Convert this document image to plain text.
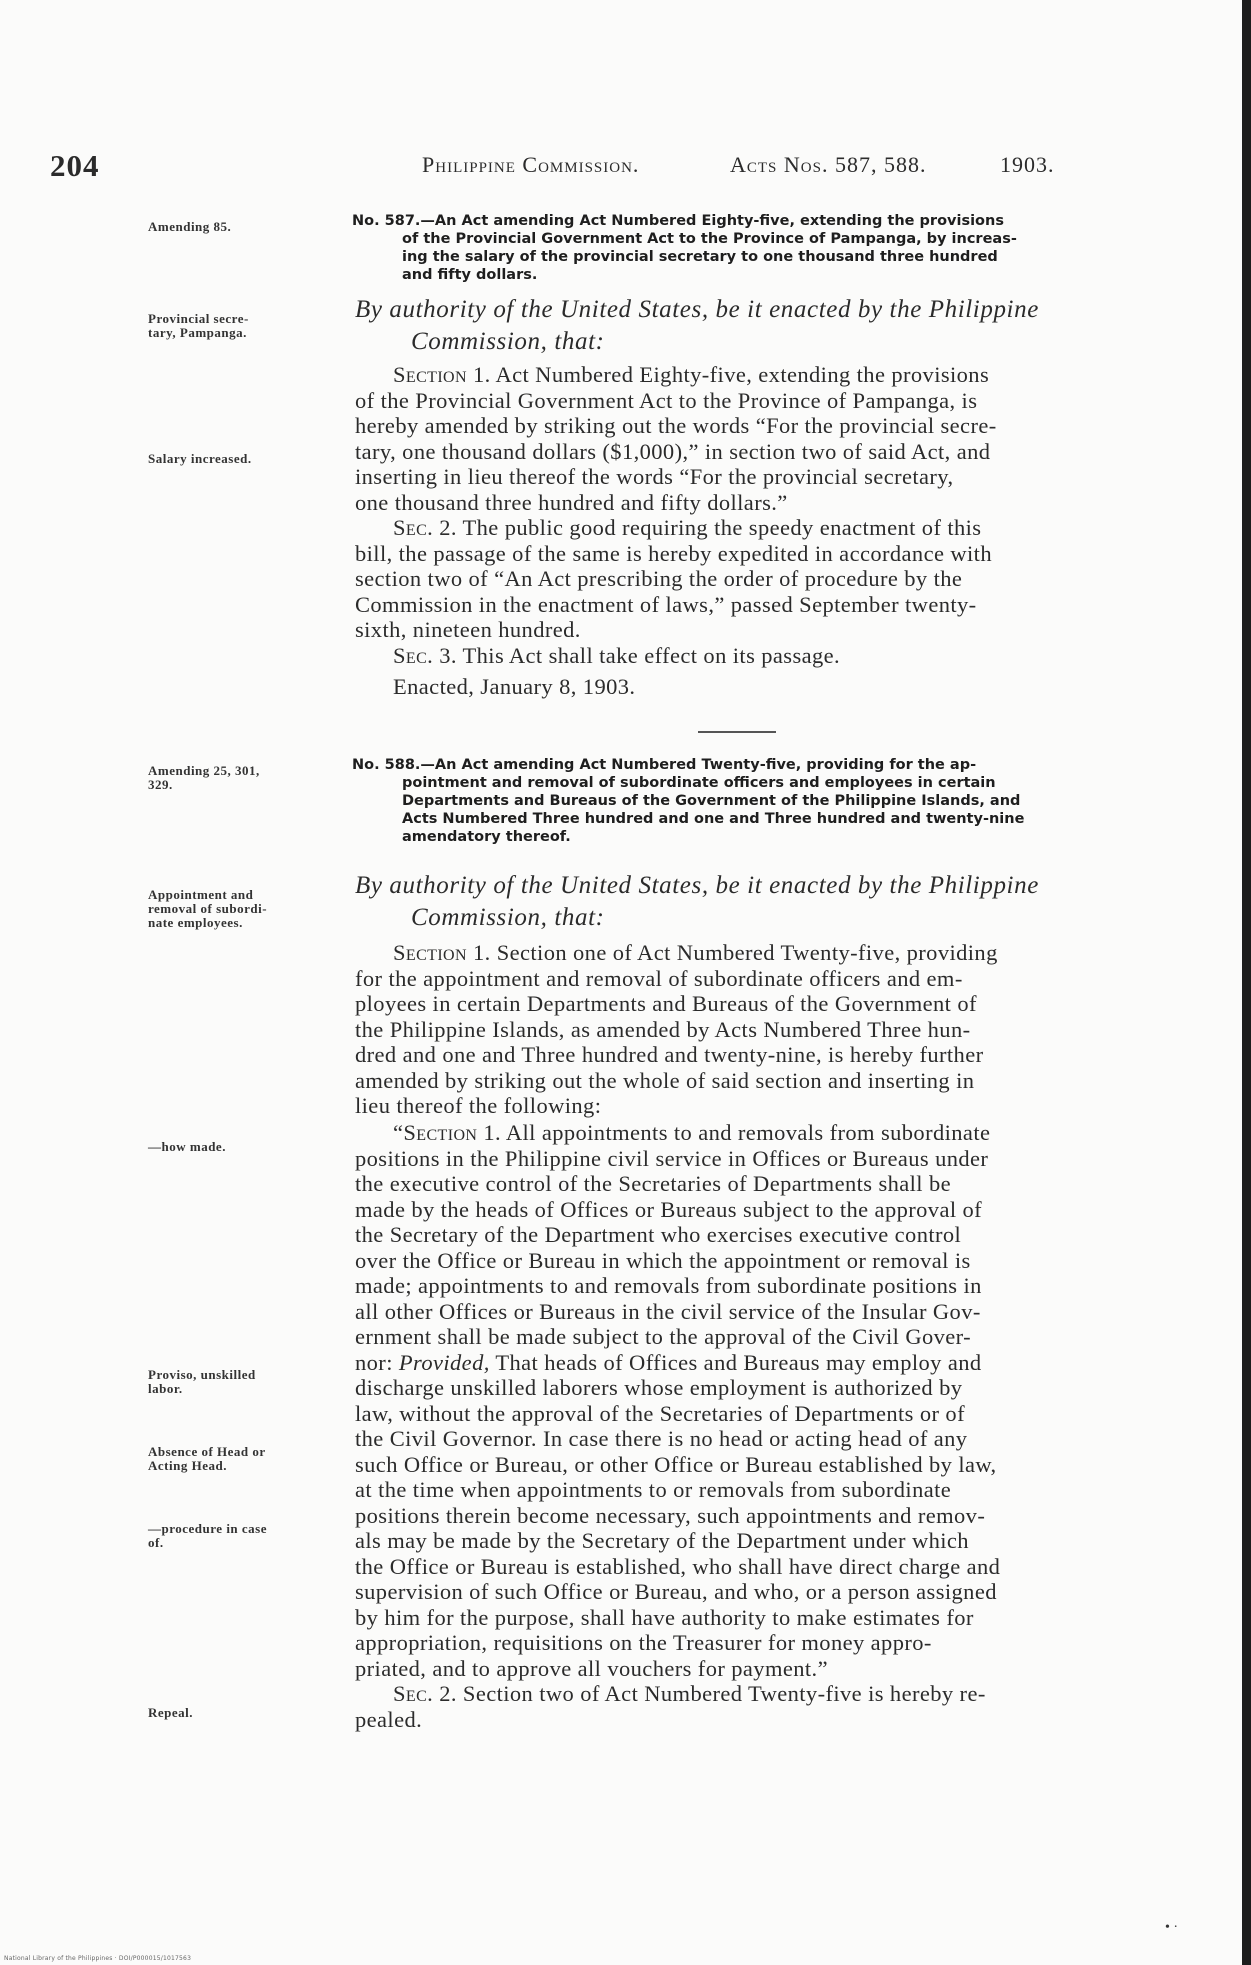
204	Philippine Commission.	Acts Nos. 587, 588.	1903.
Amending 85.	No. 587.—An Act amending Act Numbered Eighty-five, extending the provisions
of the Provincial Government Act to the Province of Pampanga, by increas-
ing the salary of the provincial secretary to one thousand three hundred
and fifty dollars.
Provincial secre-
tary, Pampanga.
By authority of the United States, be it enacted by the Philippine
Commission, that:
Salary increased.
Section 1. Act Numbered Eighty-five, extending the provisions
of the Provincial Government Act to the Province of Pampanga, is
hereby amended by striking out the words “For the provincial secre-
tary, one thousand dollars ($1,000),” in section two of said Act, and
inserting in lieu thereof the words “For the provincial secretary,
one thousand three hundred and fifty dollars.”
Sec. 2. The public good requiring the speedy enactment of this
bill, the passage of the same is hereby expedited in accordance with
section two of “An Act prescribing the order of procedure by the
Commission in the enactment of laws,” passed September twenty-
sixth, nineteen hundred.
Sec. 3. This Act shall take effect on its passage.
Enacted, January 8, 1903.
Amending 25, 301,
329.
No. 588.—An Act amending Act Numbered Twenty-five, providing for the ap-
pointment and removal of subordinate officers and employees in certain
Departments and Bureaus of the Government of the Philippine Islands, and
Acts Numbered Three hundred and one and Three hundred and twenty-nine
amendatory thereof.
Appointment and
removal of subordi-
nate employees.
By authority of the United States, be it enacted by the Philippine
Commission, that:
Section 1. Section one of Act Numbered Twenty-five, providing
for the appointment and removal of subordinate officers and em-
ployees in certain Departments and Bureaus of the Government of
the Philippine Islands, as amended by Acts Numbered Three hun-
dred and one and Three hundred and twenty-nine, is hereby further
amended by striking out the whole of said section and inserting in
lieu thereof the following:
—how made.
“Section 1. All appointments to and removals from subordinate
positions in the Philippine civil service in Offices or Bureaus under
the executive control of the Secretaries of Departments shall be
made by the heads of Offices or Bureaus subject to the approval of
the Secretary of the Department who exercises executive control
over the Office or Bureau in which the appointment or removal is
made; appointments to and removals from subordinate positions in
all other Offices or Bureaus in the civil service of the Insular Gov-
ernment shall be made subject to the approval of the Civil Gover-
nor: Provided, That heads of Offices and Bureaus may employ and
discharge unskilled laborers whose employment is authorized by
law, without the approval of the Secretaries of Departments or of
the Civil Governor. In case there is no head or acting head of any
such Office or Bureau, or other Office or Bureau established by law,
at the time when appointments to or removals from subordinate
positions therein become necessary, such appointments and remov-
als may be made by the Secretary of the Department under which
the Office or Bureau is established, who shall have direct charge and
supervision of such Office or Bureau, and who, or a person assigned
by him for the purpose, shall have authority to make estimates for
appropriation, requisitions on the Treasurer for money appro-
priated, and to approve all vouchers for payment.”
Sec. 2. Section two of Act Numbered Twenty-five is hereby re-
pealed.
Proviso, unskilled
labor.
Absence of Head or
Acting Head.
—procedure in case
of.
Repeal.
• ·
National Library of the Philippines · DOI/P000015/1017563
